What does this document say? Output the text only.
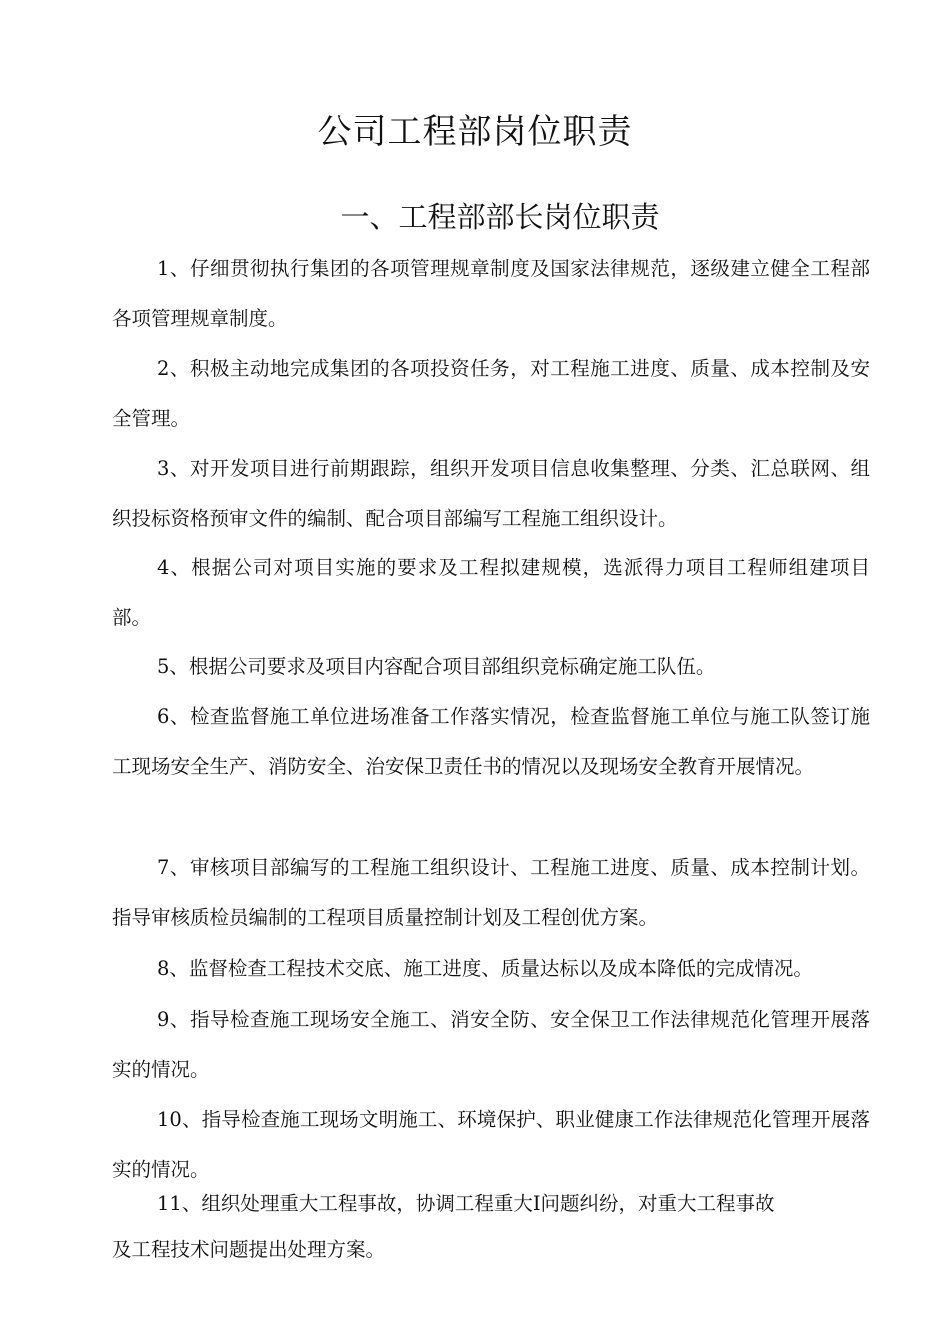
公司工程部岗位职责
一、工程部部长岗位职责

1、仔细贯彻执行集团的各项管理规章制度及国家法律规范，逐级建立健全工程部各项管理规章制度。

2、积极主动地完成集团的各项投资任务，对工程施工进度、质量、成本控制及安全管理。

3、对开发项目进行前期跟踪，组织开发项目信息收集整理、分类、汇总联网、组织投标资格预审文件的编制、配合项目部编写工程施工组织设计。

4、根据公司对项目实施的要求及工程拟建规模，选派得力项目工程师组建项目部。

5、根据公司要求及项目内容配合项目部组织竞标确定施工队伍。

6、检查监督施工单位进场准备工作落实情况，检查监督施工单位与施工队签订施工现场安全生产、消防安全、治安保卫责任书的情况以及现场安全教育开展情况。

7、审核项目部编写的工程施工组织设计、工程施工进度、质量、成本控制计划。指导审核质检员编制的工程项目质量控制计划及工程创优方案。

8、监督检查工程技术交底、施工进度、质量达标以及成本降低的完成情况。

9、指导检查施工现场安全施工、消安全防、安全保卫工作法律规范化管理开展落实的情况。

10、指导检查施工现场文明施工、环境保护、职业健康工作法律规范化管理开展落实的情况。

11、组织处理重大工程事故，协调工程重大I问题纠纷，对重大工程事故

及工程技术问题提出处理方案。
